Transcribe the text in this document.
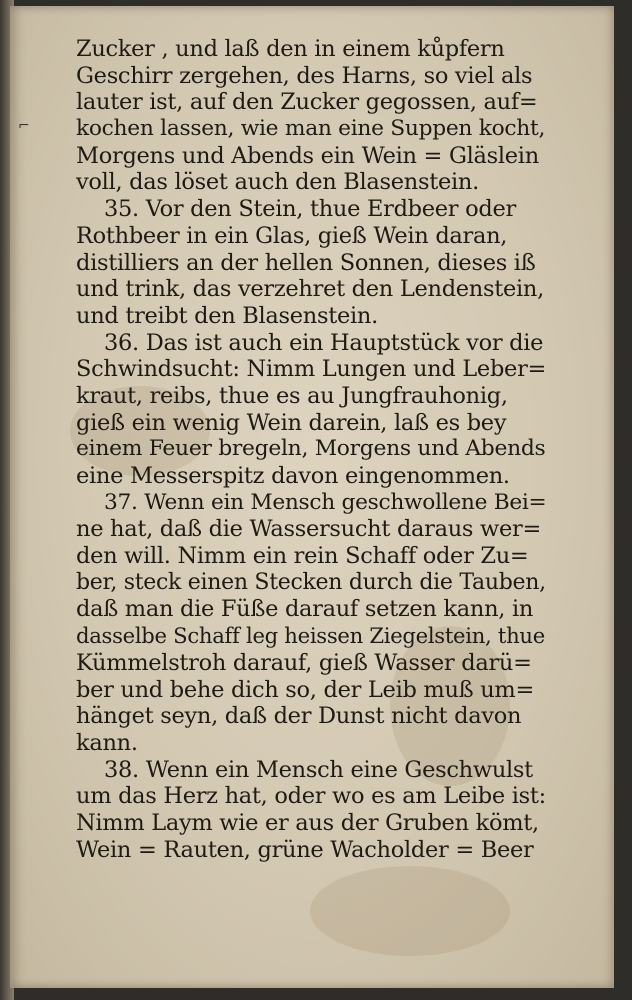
⌐
Zucker , und laß den in einem kůpfern
Geschirr zergehen, des Harns, so viel als
lauter ist, auf den Zucker gegossen, auf=
kochen lassen, wie man eine Suppen kocht,
Morgens und Abends ein Wein = Gläslein
voll, das löset auch den Blasenstein.
35. Vor den Stein, thue Erdbeer oder
Rothbeer in ein Glas, gieß Wein daran,
distilliers an der hellen Sonnen, dieses iß
und trink, das verzehret den Lendenstein,
und treibt den Blasenstein.
36. Das ist auch ein Hauptstück vor die
Schwindsucht: Nimm Lungen und Leber=
kraut, reibs, thue es au Jungfrauhonig,
gieß ein wenig Wein darein, laß es bey
einem Feuer bregeln, Morgens und Abends
eine Messerspitz davon eingenommen.
37. Wenn ein Mensch geschwollene Bei=
ne hat, daß die Wassersucht daraus wer=
den will. Nimm ein rein Schaff oder Zu=
ber, steck einen Stecken durch die Tauben,
daß man die Füße darauf setzen kann, in
dasselbe Schaff leg heissen Ziegelstein, thue
Kümmelstroh darauf, gieß Wasser darü=
ber und behe dich so, der Leib muß um=
hänget seyn, daß der Dunst nicht davon
kann.
38. Wenn ein Mensch eine Geschwulst
um das Herz hat, oder wo es am Leibe ist:
Nimm Laym wie er aus der Gruben kömt,
Wein = Rauten, grüne Wacholder = Beer
